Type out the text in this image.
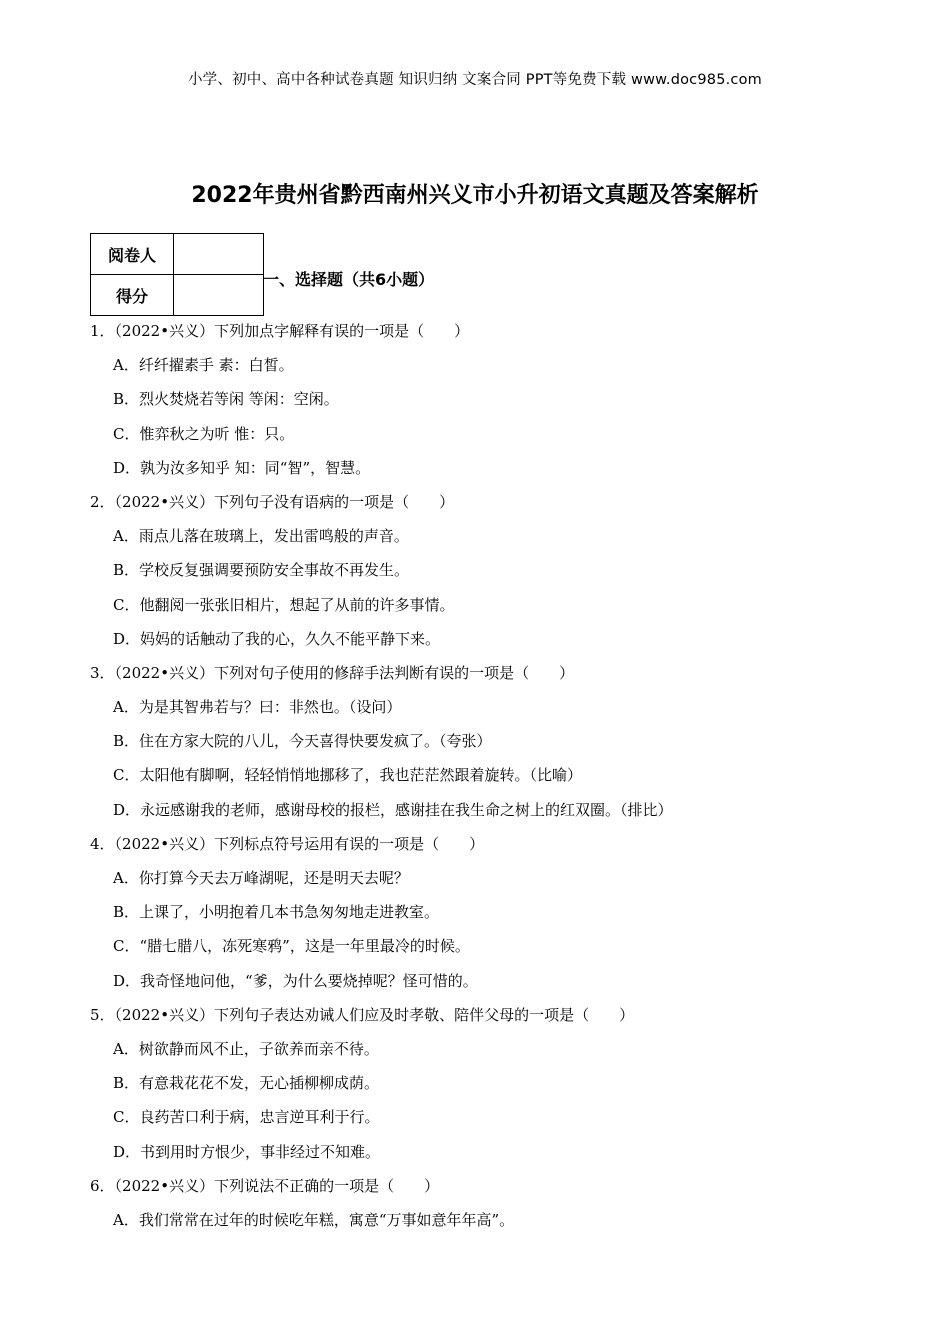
小学、初中、高中各种试卷真题 知识归纳 文案合同 PPT等免费下载 www.doc985.com
2022年贵州省黔西南州兴义市小升初语文真题及答案解析
阅卷人	
得分	
一、选择题（共6小题）
1．（2022•兴义）下列加点字解释有误的一项是（　　）
A．纤纤擢素手 素：白皙。
B．烈火焚烧若等闲 等闲：空闲。
C．惟弈秋之为听 惟：只。
D．孰为汝多知乎 知：同“智”，智慧。
2．（2022•兴义）下列句子没有语病的一项是（　　）
A．雨点儿落在玻璃上，发出雷鸣般的声音。
B．学校反复强调要预防安全事故不再发生。
C．他翻阅一张张旧相片，想起了从前的许多事情。
D．妈妈的话触动了我的心，久久不能平静下来。
3．（2022•兴义）下列对句子使用的修辞手法判断有误的一项是（　　）
A．为是其智弗若与？曰：非然也。（设问）
B．住在方家大院的八儿，今天喜得快要发疯了。（夸张）
C．太阳他有脚啊，轻轻悄悄地挪移了，我也茫茫然跟着旋转。（比喻）
D．永远感谢我的老师，感谢母校的报栏，感谢挂在我生命之树上的红双圈。（排比）
4．（2022•兴义）下列标点符号运用有误的一项是（　　）
A．你打算今天去万峰湖呢，还是明天去呢？
B．上课了，小明抱着几本书急匆匆地走进教室。
C．“腊七腊八，冻死寒鸦”，这是一年里最冷的时候。
D．我奇怪地问他，“爹，为什么要烧掉呢？怪可惜的。
5．（2022•兴义）下列句子表达劝诫人们应及时孝敬、陪伴父母的一项是（　　）
A．树欲静而风不止，子欲养而亲不待。
B．有意栽花花不发，无心插柳柳成荫。
C．良药苦口利于病，忠言逆耳利于行。
D．书到用时方恨少，事非经过不知难。
6．（2022•兴义）下列说法不正确的一项是（　　）
A．我们常常在过年的时候吃年糕，寓意“万事如意年年高”。
